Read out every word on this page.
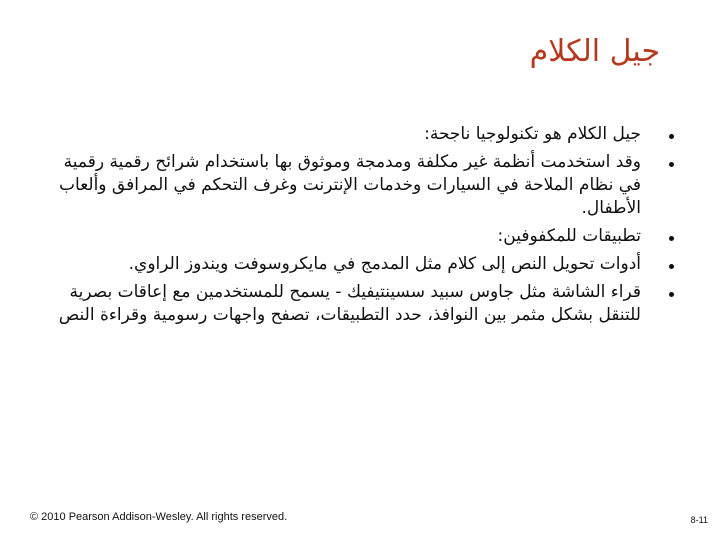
جيل الكلام
جيل الكلام هو تكنولوجيا ناجحة:
وقد استخدمت أنظمة غير مكلفة ومدمجة وموثوق بها باستخدام شرائح رقمية رقمية في نظام الملاحة في السيارات وخدمات الإنترنت وغرف التحكم في المرافق وألعاب الأطفال.
تطبيقات للمكفوفين:
أدوات تحويل النص إلى كلام مثل المدمج في مايكروسوفت ويندوز الراوي.
قراء الشاشة مثل جاوس سبيد سسينتيفيك - يسمح للمستخدمين مع إعاقات بصرية للتنقل بشكل مثمر بين النوافذ، حدد التطبيقات، تصفح واجهات رسومية وقراءة النص
© 2010 Pearson Addison-Wesley. All rights reserved.	8-11
